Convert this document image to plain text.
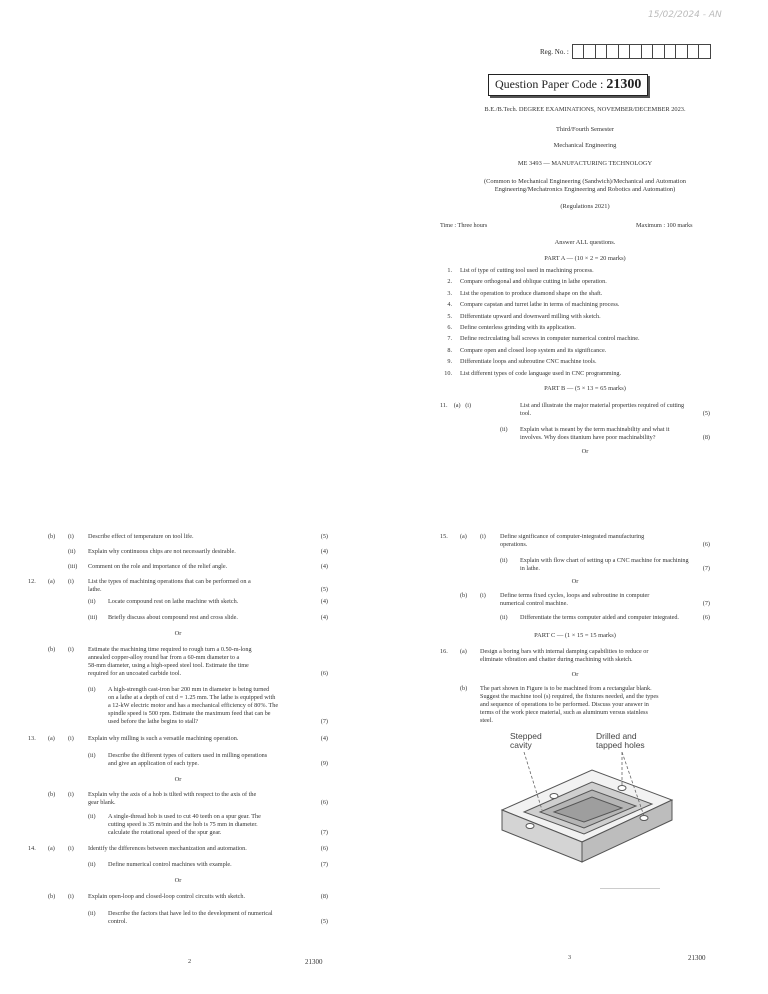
15/02/2024 - AN
Reg. No. :
Question Paper Code : 21300
B.E./B.Tech. DEGREE EXAMINATIONS, NOVEMBER/DECEMBER 2023.
Third/Fourth Semester
Mechanical Engineering
ME 3493 — MANUFACTURING TECHNOLOGY
(Common to Mechanical Engineering (Sandwich)/Mechanical and Automation
Engineering/Mechatronics Engineering and Robotics and Automation)
(Regulations 2021)
Time : Three hours	Maximum : 100 marks
Answer ALL questions.
PART A — (10 × 2 = 20 marks)
1. List of type of cutting tool used in machining process.
2. Compare orthogonal and oblique cutting in lathe operation.
3. List the operation to produce diamond shape on the shaft.
4. Compare capstan and turret lathe in terms of machining process.
5. Differentiate upward and downward milling with sketch.
6. Define centerless grinding with its application.
7. Define recirculating ball screws in computer numerical control machine.
8. Compare open and closed loop system and its significance.
9. Differentiate loops and subroutine CNC machine tools.
10. List different types of code language used in CNC programming.
PART B — (5 × 13 = 65 marks)
11.    (a)   (i)	List and illustrate the major material properties required of cutting
tool.	(5)
(ii) Explain what is meant by the term machinability and what it
involves. Why does titanium have poor machinability?	(8)
Or
(b)	(i)	Describe effect of temperature on tool life.	(5)
(ii)	Explain why continuous chips are not necessarily desirable.	(4)
(iii)	Comment on the role and importance of the relief angle.	(4)
12.	(a)	(i)	List the types of machining operations that can be performed on a
lathe.	(5)

(ii)	Locate compound rest on lathe machine with sketch.	(4)
(iii)	Briefly discuss about compound rest and cross slide.	(4)
Or
(b)	(i)	Estimate the machining time required to rough turn a 0.50-m-long
annealed copper-alloy round bar from a 60-mm diameter to a
58-mm diameter, using a high-speed steel tool. Estimate the time
required for an uncoated carbide tool.	(6)
(ii)	A high-strength cast-iron bar 200 mm in diameter is being turned
on a lathe at a depth of cut d = 1.25 mm. The lathe is equipped with
a 12-kW electric motor and has a mechanical efficiency of 80%. The
spindle speed is 500 rpm. Estimate the maximum feed that can be
used before the lathe begins to stall?	(7)
13.	(a)	(i)	Explain why milling is such a versatile machining operation.	(4)
(ii)	Describe the different types of cutters used in milling operations
and give an application of each type.	(9)
Or
(b)	(i)	Explain why the axis of a hob is tilted with respect to the axis of the
gear blank.	(6)
(ii)	A single-thread hob is used to cut 40 teeth on a spur gear. The
cutting speed is 35 m/min and the hob is 75 mm in diameter.
calculate the rotational speed of the spur gear.	(7)
14.	(a)	(i)	Identify the differences between mechanization and automation.	(6)
(ii)	Define numerical control machines with example.	(7)
Or
(b)	(i)	Explain open-loop and closed-loop control circuits with sketch.	(8)
(ii)	Describe the factors that have led to the development of numerical
control.	(5)
2	21300
15.	(a)	(i)	Define significance of computer-integrated manufacturing
operations.	(6)
(ii)	Explain with flow chart of setting up a CNC machine for machining
in lathe.	(7)
Or
(b)	(i)	Define terms fixed cycles, loops and subroutine in computer
numerical control machine.	(7)
(ii)	Differentiate the terms computer aided and computer integrated.	(6)
PART C — (1 × 15 = 15 marks)
16.	(a)	Design a boring bars with internal damping capabilities to reduce or
eliminate vibration and chatter during machining with sketch.
Or
(b)	The part shown in Figure is to be machined from a rectangular blank.
Suggest the machine tool (s) required, the fixtures needed, and the types
and sequence of operations to be performed. Discuss your answer in
terms of the work piece material, such as aluminum versus stainless
steel.
Stepped cavity
Drilled and tapped holes
3	21300
